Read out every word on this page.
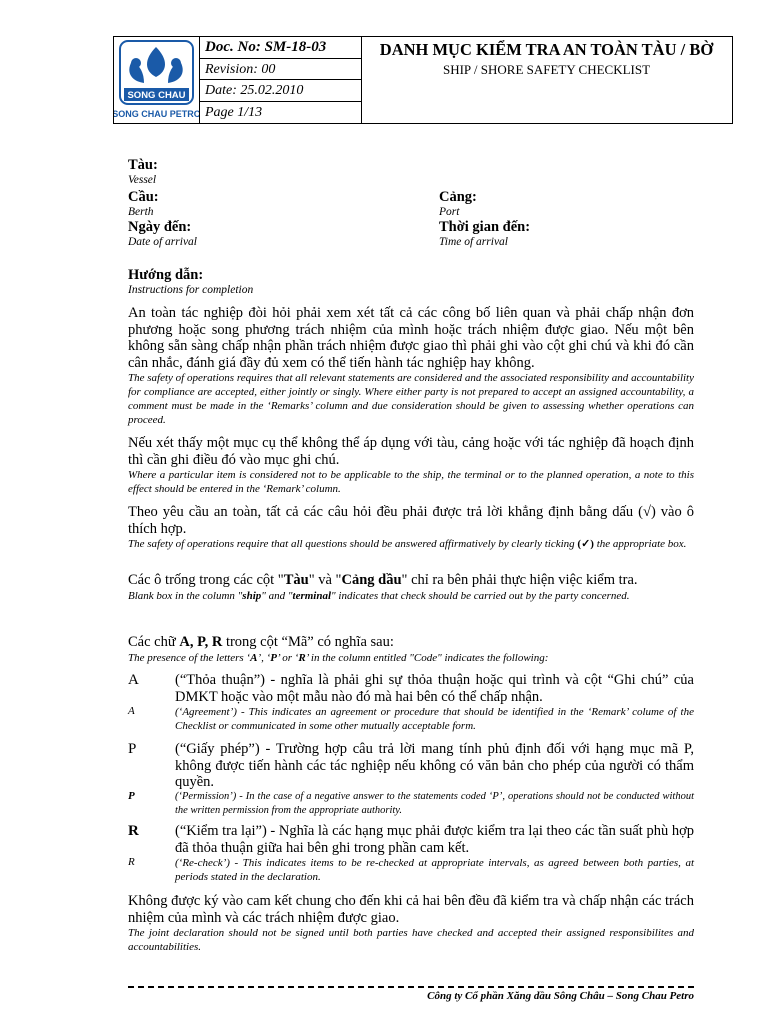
SONG CHAU
SONG CHAU PETRO
Doc. No: SM-18-03
Revision: 00
Date: 25.02.2010
Page 1/13
DANH MỤC KIỂM TRA AN TOÀN TÀU / BỜ
SHIP / SHORE SAFETY CHECKLIST
Tàu:
Vessel
Cầu:
Berth
Cảng:
Port
Ngày đến:
Date of arrival
Thời gian đến:
Time of arrival
Hướng dẫn:
Instructions for completion
An toàn tác nghiệp đòi hỏi phải xem xét tất cả các công bố liên quan và phải chấp nhận đơn phương hoặc song phương trách nhiệm của mình hoặc trách nhiệm được giao. Nếu một bên không sẵn sàng chấp nhận phần trách nhiệm được giao thì phải ghi vào cột ghi chú và khi đó cần cân nhắc, đánh giá đầy đủ xem có thể tiến hành tác nghiệp hay không.
The safety of operations requires that all relevant statements are considered and the associated responsibility and accountability for compliance are accepted, either jointly or singly. Where either party is not prepared to accept an assigned accountability, a comment must be made in the ‘Remarks’ column and due consideration should be given to assessing whether operations can proceed.
Nếu xét thấy một mục cụ thể không thể áp dụng với tàu, cảng hoặc với tác nghiệp đã hoạch định thì cần ghi điều đó vào mục ghi chú.
Where a particular item is considered not to be applicable to the ship, the terminal or to the planned operation, a note to this effect should be entered in the ‘Remark’ column.
Theo yêu cầu an toàn, tất cả các câu hỏi đều phải được trả lời khẳng định bằng dấu (√) vào ô thích hợp.
The safety of operations require that all questions should be answered affirmatively by clearly ticking (✓) the appropriate box.
Các ô trống trong các cột "Tàu" và "Cảng dầu" chỉ ra bên phải thực hiện việc kiểm tra.
Blank box in the column "ship" and "terminal" indicates that check should be carried out by the party concerned.
Các chữ A, P, R trong cột “Mã” có nghĩa sau:
The presence of the letters ‘A’, ‘P’ or ‘R’ in the column entitled "Code" indicates the following:
A (“Thỏa thuận”) - nghĩa là phải ghi sự thỏa thuận hoặc qui trình và cột “Ghi chú” của DMKT hoặc vào một mẫu nào đó mà hai bên có thể chấp nhận.
A	(‘Agreement’) - This indicates an agreement or procedure that should be identified in the ‘Remark’ colume of the Checklist or communicated in some other mutually acceptable form.
P	(“Giấy phép”) - Trường hợp câu trả lời mang tính phủ định đối với hạng mục mã P, không được tiến hành các tác nghiệp nếu không có văn bản cho phép của người có thẩm quyền.
P	(‘Permission’) - In the case of a negative answer to the statements coded ‘P’, operations should not be conducted without the written permission from the appropriate authority.
R (“Kiểm tra lại”) - Nghĩa là các hạng mục phải được kiểm tra lại theo các tần suất phù hợp đã thỏa thuận giữa hai bên ghi trong phần cam kết.
R	(‘Re-check’) - This indicates items to be re-checked at appropriate intervals, as agreed between both parties, at periods stated in the declaration.
Không được ký vào cam kết chung cho đến khi cả hai bên đều đã kiểm tra và chấp nhận các trách nhiệm của mình và các trách nhiệm được giao.
The joint declaration should not be signed until both parties have checked and accepted their assigned responsibilites and accountabilities.
Công ty Cổ phần Xăng dầu Sông Châu – Song Chau Petro
